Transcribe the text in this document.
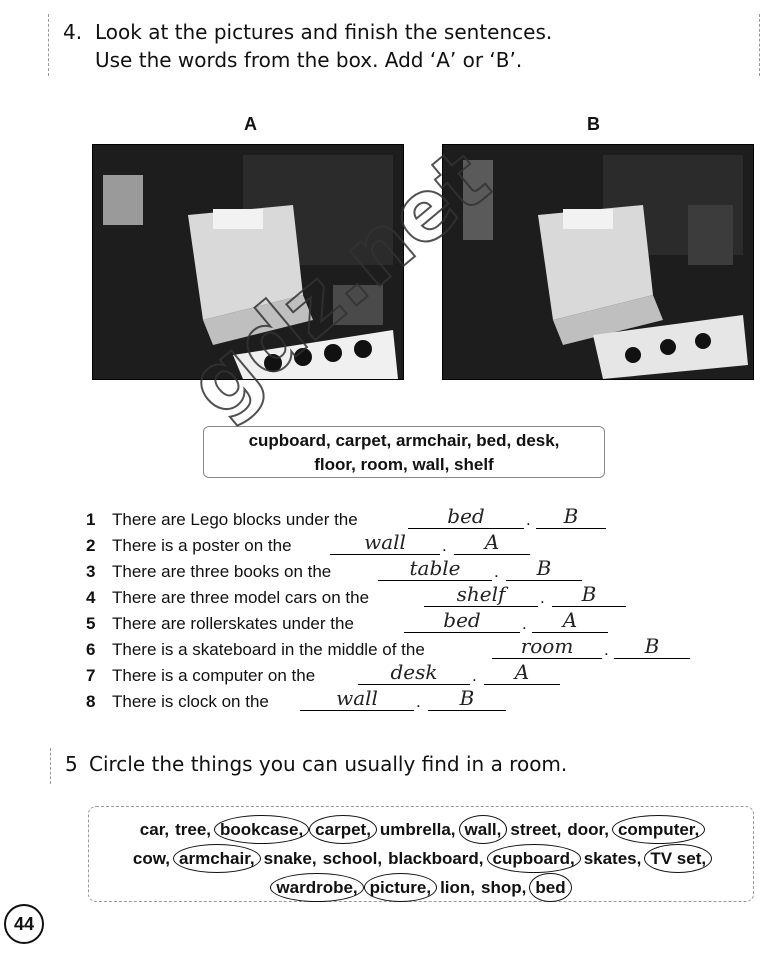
4. Look at the pictures and finish the sentences.
Use the words from the box. Add ‘A’ or ‘B’.
A	B
cupboard, carpet, armchair, bed, desk,
floor, room, wall, shelf
1 There are Lego blocks under the	bed	.	B
2 There is a poster on the	wall	.	A
3 There are three books on the	table	.	B
4 There are three model cars on the	shelf	.	B
5 There are rollerskates under the	bed	.	A
6 There is a skateboard in the middle of the	room	.	B
7 There is a computer on the	desk	.	A
8 There is clock on the	wall	.	B
5 Circle the things you can usually find in a room.
car, tree, bookcase, carpet, umbrella, wall, street, door, computer,
cow, armchair, snake, school, blackboard, cupboard, skates, TV set,
wardrobe, picture, lion, shop, bed
44
